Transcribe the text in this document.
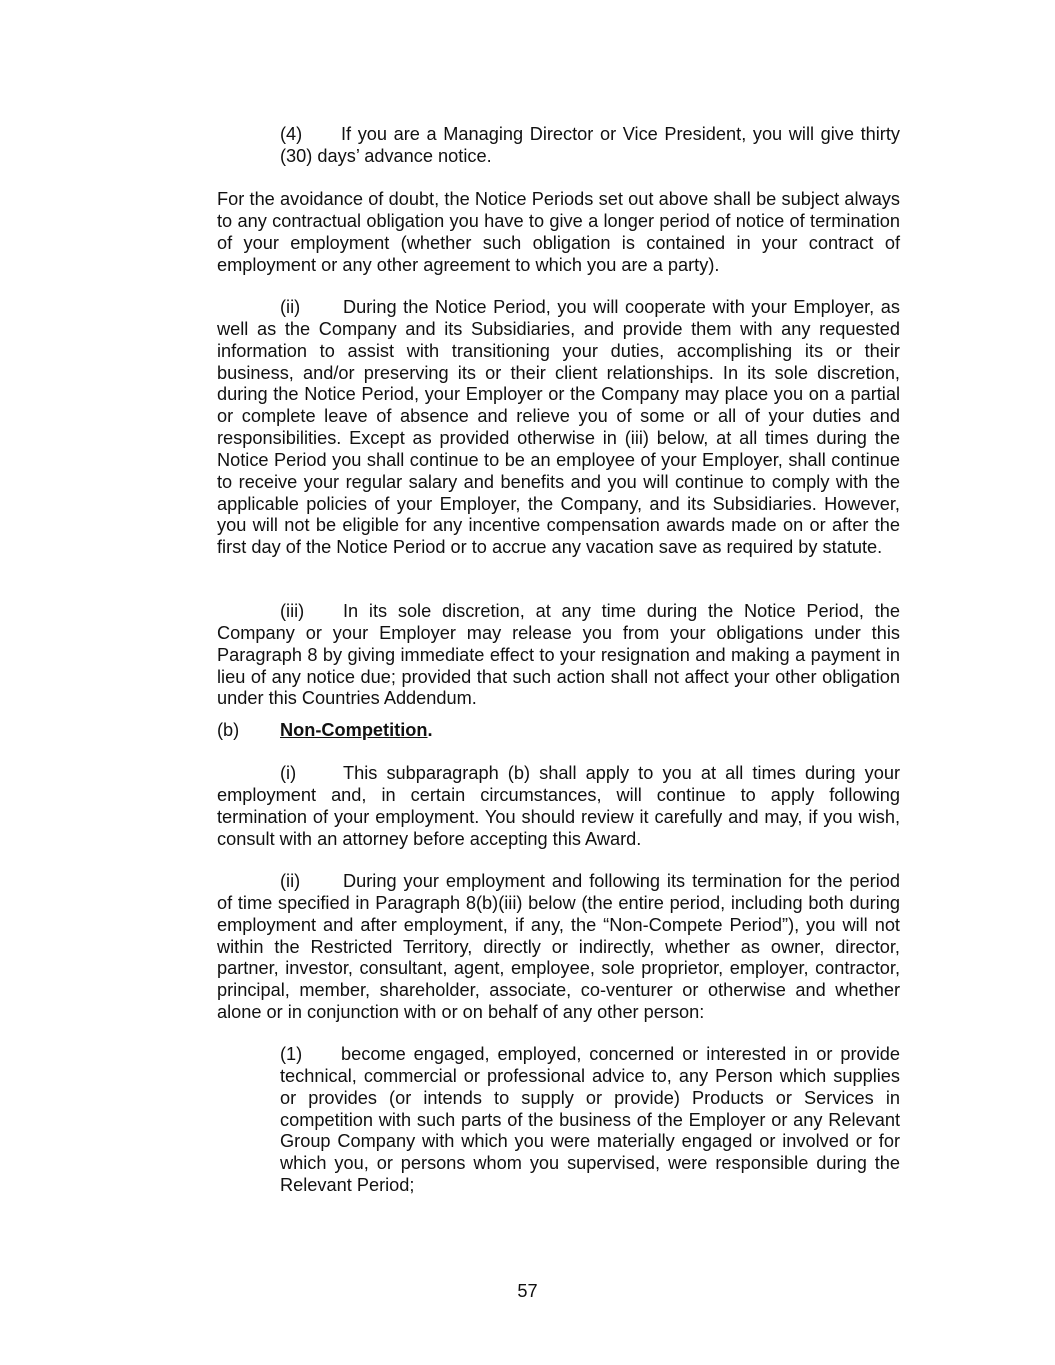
(4) If you are a Managing Director or Vice President, you will give thirty (30) days’ advance notice.

For the avoidance of doubt, the Notice Periods set out above shall be subject always to any contractual obligation you have to give a longer period of notice of termination of your employment (whether such obligation is contained in your contract of employment or any other agreement to which you are a party).

(ii) During the Notice Period, you will cooperate with your Employer, as well as the Company and its Subsidiaries, and provide them with any requested information to assist with transitioning your duties, accomplishing its or their business, and/or preserving its or their client relationships. In its sole discretion, during the Notice Period, your Employer or the Company may place you on a partial or complete leave of absence and relieve you of some or all of your duties and responsibilities. Except as provided otherwise in (iii) below, at all times during the Notice Period you shall continue to be an employee of your Employer, shall continue to receive your regular salary and benefits and you will continue to comply with the applicable policies of your Employer, the Company, and its Subsidiaries. However, you will not be eligible for any incentive compensation awards made on or after the first day of the Notice Period or to accrue any vacation save as required by statute.

(iii) In its sole discretion, at any time during the Notice Period, the Company or your Employer may release you from your obligations under this Paragraph 8 by giving immediate effect to your resignation and making a payment in lieu of any notice due; provided that such action shall not affect your other obligation under this Countries Addendum.

(b) Non-Competition.

(i)	This subparagraph (b) shall apply to you at all times during your employment and, in certain circumstances, will continue to apply following termination of your employment. You should review it carefully and may, if you wish, consult with an attorney before accepting this Award.

(ii) During your employment and following its termination for the period of time specified in Paragraph 8(b)(iii) below (the entire period, including both during employment and after employment, if any, the “Non-Compete Period”), you will not within the Restricted Territory, directly or indirectly, whether as owner, director, partner, investor, consultant, agent, employee, sole proprietor, employer, contractor, principal, member, shareholder, associate, co-venturer or otherwise and whether alone or in conjunction with or on behalf of any other person:

(1) become engaged, employed, concerned or interested in or provide technical, commercial or professional advice to, any Person which supplies or provides (or intends to supply or provide) Products or Services in competition with such parts of the business of the Employer or any Relevant Group Company with which you were materially engaged or involved or for which you, or persons whom you supervised, were responsible during the Relevant Period;

57
